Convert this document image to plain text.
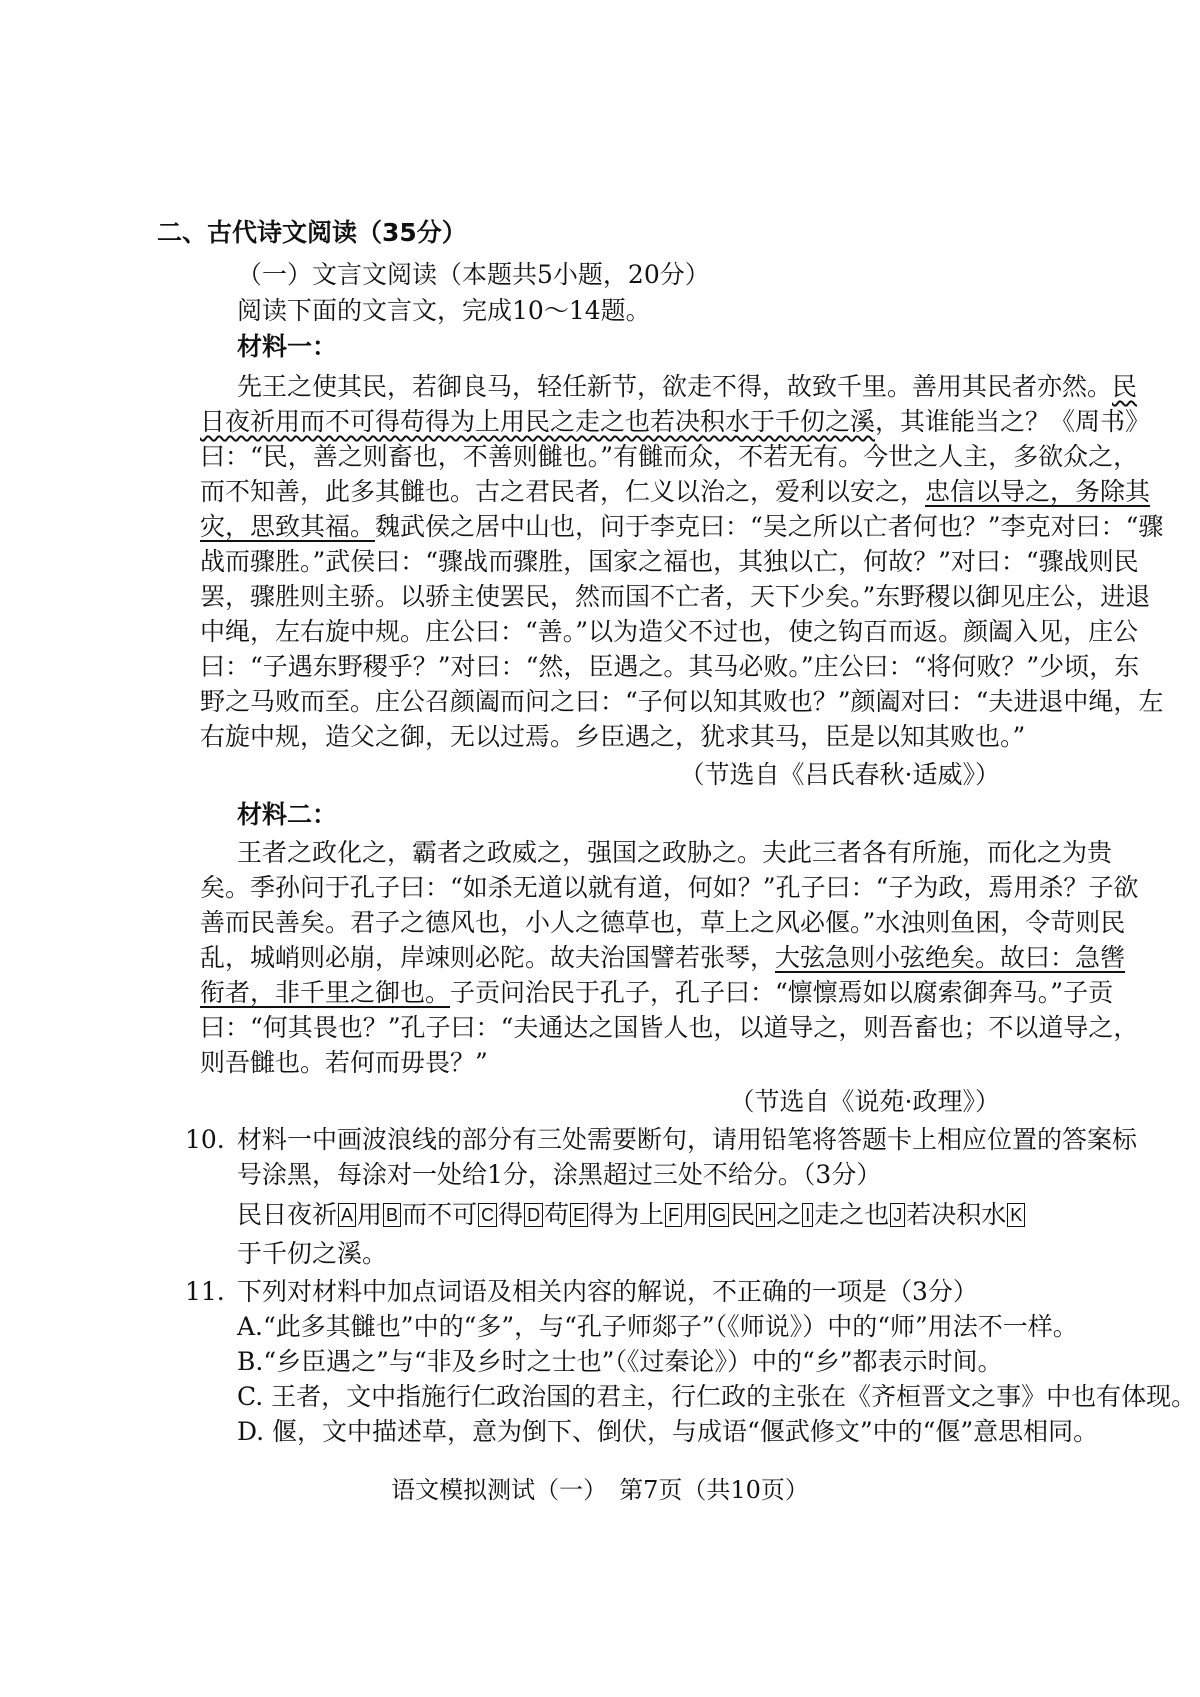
二、古代诗文阅读（35分）
（一）文言文阅读（本题共5小题，20分）
阅读下面的文言文，完成10～14题。
材料一：
先王之使其民，若御良马，轻任新节，欲走不得，故致千里。善用其民者亦然。民
日夜祈用而不可得苟得为上用民之走之也若决积水于千仞之溪，其谁能当之？《周书》
曰：“民，善之则畜也，不善则雠也。”有雠而众，不若无有。今世之人主，多欲众之，
而不知善，此多其雠也。古之君民者，仁义以治之，爱利以安之，忠信以导之，务除其
灾，思致其福。魏武侯之居中山也，问于李克曰：“吴之所以亡者何也？”李克对曰：“骤
战而骤胜。”武侯曰：“骤战而骤胜，国家之福也，其独以亡，何故？”对曰：“骤战则民
罢，骤胜则主骄。以骄主使罢民，然而国不亡者，天下少矣。”东野稷以御见庄公，进退
中绳，左右旋中规。庄公曰：“善。”以为造父不过也，使之钩百而返。颜阖入见，庄公
曰：“子遇东野稷乎？”对曰：“然，臣遇之。其马必败。”庄公曰：“将何败？”少顷，东
野之马败而至。庄公召颜阖而问之曰：“子何以知其败也？”颜阖对曰：“夫进退中绳，左
右旋中规，造父之御，无以过焉。乡臣遇之，犹求其马，臣是以知其败也。”
（节选自《吕氏春秋·适威》）
材料二：
王者之政化之，霸者之政威之，强国之政胁之。夫此三者各有所施，而化之为贵
矣。季孙问于孔子曰：“如杀无道以就有道，何如？”孔子曰：“子为政，焉用杀？子欲
善而民善矣。君子之德风也，小人之德草也，草上之风必偃。”水浊则鱼困，令苛则民
乱，城峭则必崩，岸竦则必陀。故夫治国譬若张琴，大弦急则小弦绝矣。故曰：急辔
衔者，非千里之御也。子贡问治民于孔子，孔子曰：“懔懔焉如以腐索御奔马。”子贡
曰：“何其畏也？”孔子曰：“夫通达之国皆人也，以道导之，则吾畜也；不以道导之，
则吾雠也。若何而毋畏？”
（节选自《说苑·政理》）
10. 材料一中画波浪线的部分有三处需要断句，请用铅笔将答题卡上相应位置的答案标
号涂黑，每涂对一处给1分，涂黑超过三处不给分。（3分）
民日夜祈 A 用 B 而不可 C 得 D 苟 E 得为上 F 用 G 民 H 之 I 走之也 J 若决积水 K
于千仞之溪。
11. 下列对材料中加点词语及相关内容的解说，不正确的一项是（3分）
A.“此多其雠也”中的“多”，与“孔子师郯子”（《师说》）中的“师”用法不一样。
B.“乡臣遇之”与“非及乡时之士也”（《过秦论》）中的“乡”都表示时间。
C. 王者，文中指施行仁政治国的君主，行仁政的主张在《齐桓晋文之事》中也有体现。
D. 偃，文中描述草，意为倒下、倒伏，与成语“偃武修文”中的“偃”意思相同。
语文模拟测试（一）　第7页（共10页）
